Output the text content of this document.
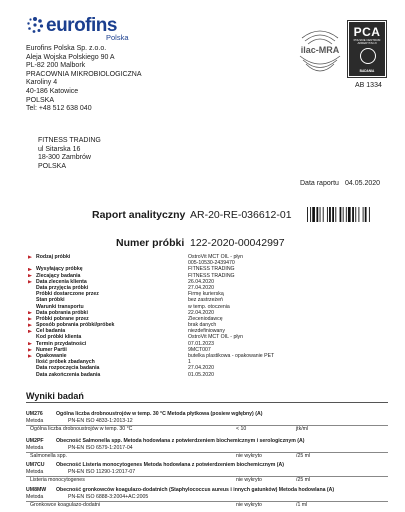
eurofins
Polska
Eurofins Polska Sp. z.o.o.
Aleja Wojska Polskiego 90 A
PL-82 200 Malbork
PRACOWNIA MIKROBIOLOGICZNA
Karoliny 4
40-186 Katowice
POLSKA
Tel: +48 512 638 040
ilac-MRA
PCA
POLSKIE CENTRUM AKREDYTACJI
BADANIA
AB 1334
FITNESS TRADING
ul Sitarska 16
18-300 Zambrów
POLSKA
Data raportu 04.05.2020
Raport analityczny AR-20-RE-036612-01
Numer próbki 122-2020-00042997
Rodzaj próbki	OstroVit MCT OIL - płyn
005-10530-2439470
Wysyłający próbkę	FITNESS TRADING
Zlecający badania	FITNESS TRADING
Data zlecenia klienta	26.04.2020
Data przyjęcia próbki	27.04.2020
Próbki dostarczone przez	Firmę kurierską
Stan próbki	bez zastrzeżeń
Warunki transportu	w temp. otoczenia
Data pobrania próbki	22.04.2020
Próbki pobrane przez	Zleceniodawcę
Sposób pobrania próbki/próbek	brak danych
Cel badania	niezdefiniowany
Kod próbki klienta	OstroVit MCT OIL - płyn
Termin przydatności	07.01.2023
Numer Partii	9MCT007
Opakowanie	butelka plastikowa - opakowanie PET
Ilość próbek zbadanych	1
Data rozpoczęcia badania	27.04.2020
Data zakończenia badania	01.05.2020
Wyniki badań
UM276
Metoda
Ogólna liczba drobnoustrojów w temp. 30 °C Metoda płytkowa (posiew wgłębny) (A)
PN-EN ISO 4833-1:2013-12
Ogólna liczba drobnoustrojów w temp. 30 °C	< 10	jtk/ml
UM2PF
Metoda
Obecność Salmonella spp. Metoda hodowlana z potwierdzeniem biochemicznym i serologicznym (A)
PN-EN ISO 6579-1:2017-04
Salmonella spp.	nie wykryto	/25 ml
UM7CU
Metoda
Obecność Listeria monocytogenes Metoda hodowlana z potwierdzeniem biochemicznym (A)
PN-EN ISO 11290-1:2017-07
Listeria monocytogenes	nie wykryto	/25 ml
UM8MW
Metoda
Obecność gronkowców koagulazo-dodatnich (Staphylococcus aureus i innych gatunków) Metoda hodowlana (A)
PN-EN ISO 6888-3:2004+AC:2005
Gronkowce koagulazo-dodatni	nie wykryto	/1 ml
